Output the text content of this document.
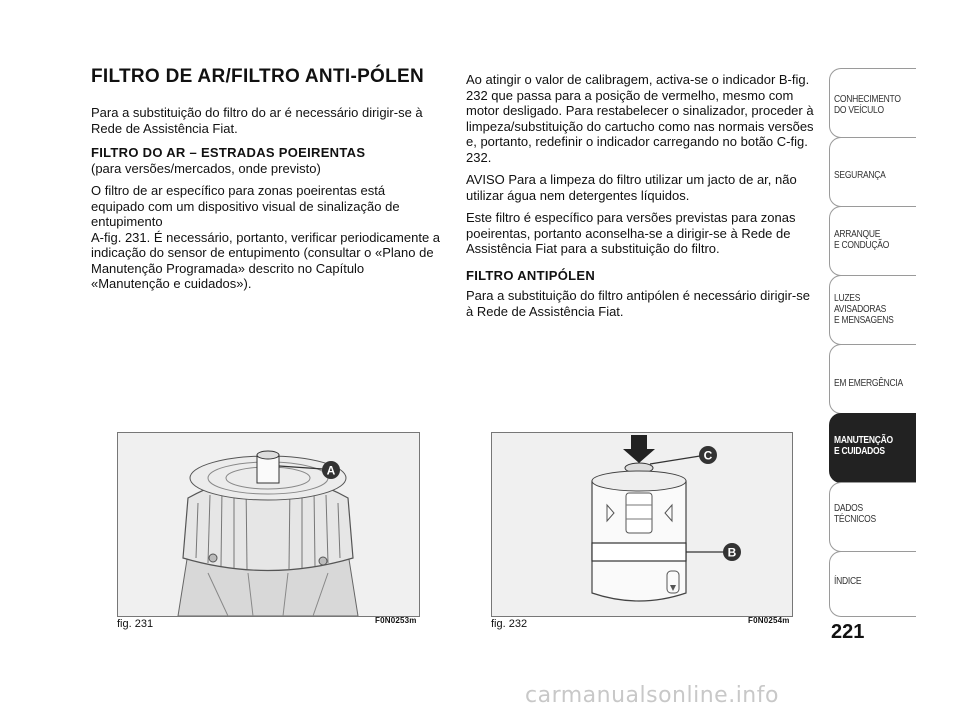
FILTRO DE AR/FILTRO ANTI-PÓLEN

Para a substituição do filtro do ar é necessário dirigir-se à Rede de Assistência Fiat.

FILTRO DO AR – ESTRADAS POEIRENTAS

(para versões/mercados, onde previsto)

O filtro de ar específico para zonas poeirentas está equipado com um dispositivo visual de sinalização de entupimento

A-fig. 231. É necessário, portanto, verificar periodicamente a indicação do sensor de entupimento (consultar o «Plano de Manutenção Programada» descrito no Capítulo «Manutenção e cuidados»).

Ao atingir o valor de calibragem, activa-se o indicador B-fig. 232 que passa para a posição de vermelho, mesmo com motor desligado. Para restabelecer o sinalizador, proceder à limpeza/substituição do cartucho como nas normais versões e, portanto, redefinir o indicador carregando no botão C-fig. 232.

AVISO Para a limpeza do filtro utilizar um jacto de ar, não utilizar água nem detergentes líquidos.

Este filtro é específico para versões previstas para zonas poeirentas, portanto aconselha-se a dirigir-se à Rede de Assistência Fiat para a substituição do filtro.

FILTRO ANTIPÓLEN

Para a substituição do filtro antipólen é necessário dirigir-se à Rede de Assistência Fiat.

A
fig. 231	F0N0253m
C
B
fig. 232	F0N0254m
CONHECIMENTO
DO VEÍCULO
SEGURANÇA
ARRANQUE
E CONDUÇÃO
LUZES
AVISADORAS
E MENSAGENS
EM EMERGÊNCIA
MANUTENÇÃO
E CUIDADOS
DADOS
TÉCNICOS
ÍNDICE
221
carmanualsonline.info
